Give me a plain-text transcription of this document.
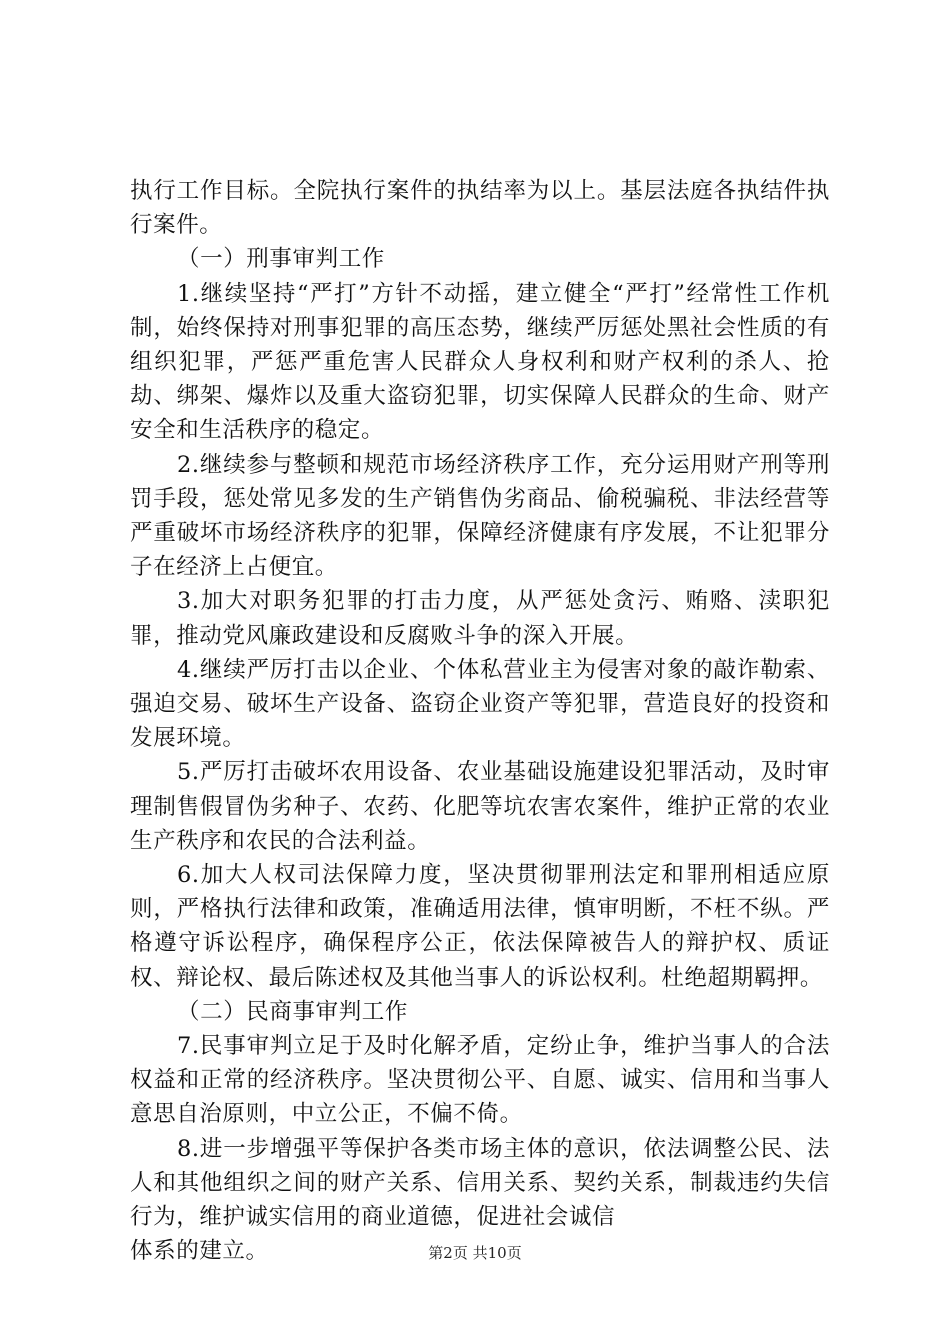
执行工作目标。全院执行案件的执结率为以上。基层法庭各执结件执行案件。

（一）刑事审判工作

1.继续坚持“严打”方针不动摇，建立健全“严打”经常性工作机制，始终保持对刑事犯罪的高压态势，继续严厉惩处黑社会性质的有组织犯罪，严惩严重危害人民群众人身权利和财产权利的杀人、抢劫、绑架、爆炸以及重大盗窃犯罪，切实保障人民群众的生命、财产安全和生活秩序的稳定。

2.继续参与整顿和规范市场经济秩序工作，充分运用财产刑等刑罚手段，惩处常见多发的生产销售伪劣商品、偷税骗税、非法经营等严重破坏市场经济秩序的犯罪，保障经济健康有序发展，不让犯罪分子在经济上占便宜。

3.加大对职务犯罪的打击力度，从严惩处贪污、贿赂、渎职犯罪，推动党风廉政建设和反腐败斗争的深入开展。

4.继续严厉打击以企业、个体私营业主为侵害对象的敲诈勒索、强迫交易、破坏生产设备、盗窃企业资产等犯罪，营造良好的投资和发展环境。

5.严厉打击破坏农用设备、农业基础设施建设犯罪活动，及时审理制售假冒伪劣种子、农药、化肥等坑农害农案件，维护正常的农业生产秩序和农民的合法利益。

6.加大人权司法保障力度，坚决贯彻罪刑法定和罪刑相适应原则，严格执行法律和政策，准确适用法律，慎审明断，不枉不纵。严格遵守诉讼程序，确保程序公正，依法保障被告人的辩护权、质证权、辩论权、最后陈述权及其他当事人的诉讼权利。杜绝超期羁押。

（二）民商事审判工作

7.民事审判立足于及时化解矛盾，定纷止争，维护当事人的合法权益和正常的经济秩序。坚决贯彻公平、自愿、诚实、信用和当事人意思自治原则，中立公正，不偏不倚。

8.进一步增强平等保护各类市场主体的意识，依法调整公民、法人和其他组织之间的财产关系、信用关系、契约关系，制裁违约失信行为，维护诚实信用的商业道德，促进社会诚信

体系的建立。	第2页 共10页
